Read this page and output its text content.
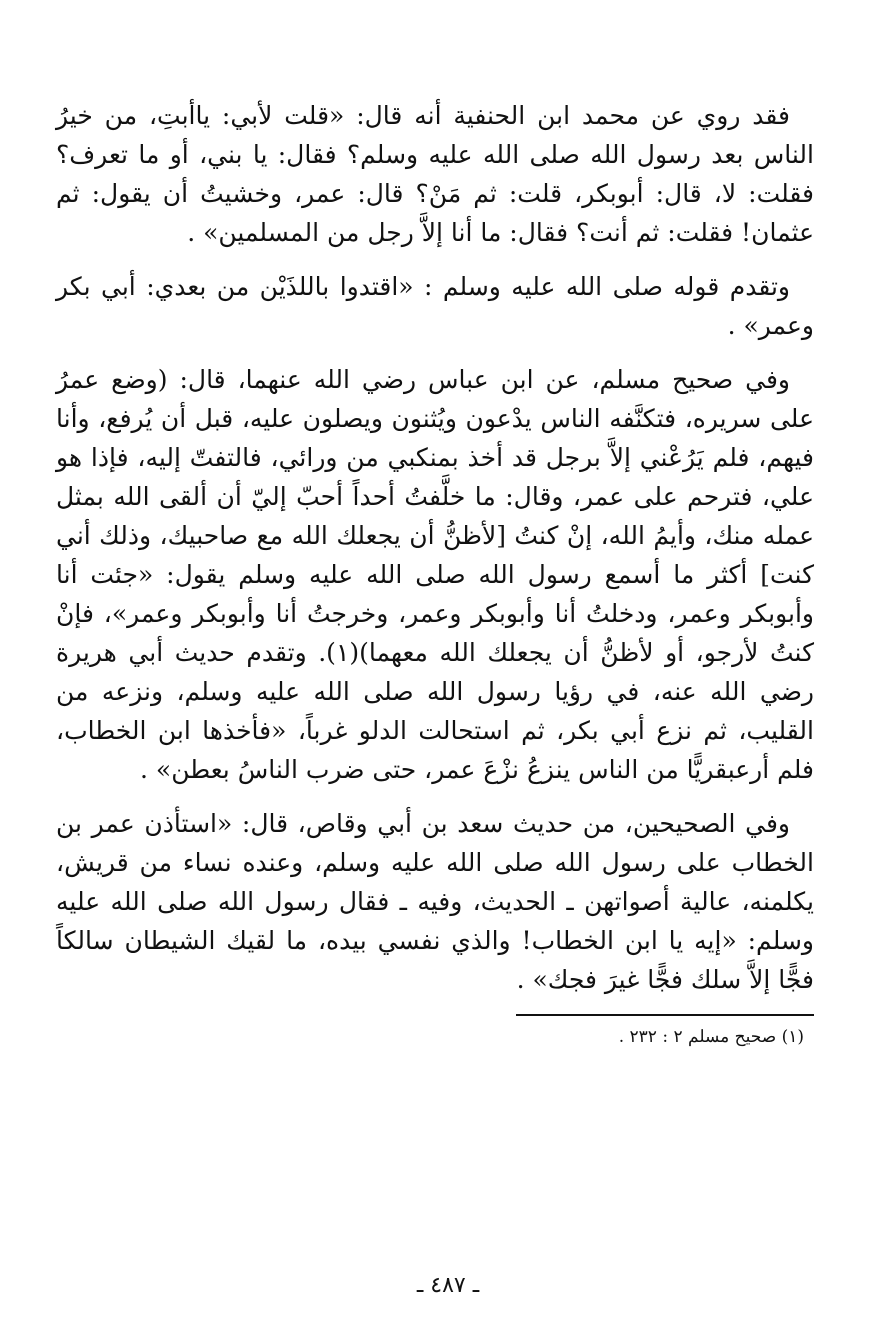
فقد روي عن محمد ابن الحنفية أنه قال: «قلت لأبي: ياأبتِ، من خيرُ الناس بعد رسول الله صلى الله عليه وسلم؟ فقال: يا بني، أو ما تعرف؟ فقلت: لا، قال: أبوبكر، قلت: ثم مَنْ؟ قال: عمر، وخشيتُ أن يقول: ثم عثمان! فقلت: ثم أنت؟ فقال: ما أنا إلاَّ رجل من المسلمين» .

وتقدم قوله صلى الله عليه وسلم : «اقتدوا باللذَيْن من بعدي: أبي بكر وعمر» .

وفي صحيح مسلم، عن ابن عباس رضي الله عنهما، قال: (وضع عمرُ على سريره، فتكنَّفه الناس يدْعون ويُثنون ويصلون عليه، قبل أن يُرفع، وأنا فيهم، فلم يَرُعْني إلاَّ برجل قد أخذ بمنكبي من ورائي، فالتفتّ إليه، فإذا هو علي، فترحم على عمر، وقال: ما خلَّفتُ أحداً أحبّ إليّ أن ألقى الله بمثل عمله منك، وأيمُ الله، إنْ كنتُ [لأظنُّ أن يجعلك الله مع صاحبيك، وذلك أني كنت] أكثر ما أسمع رسول الله صلى الله عليه وسلم يقول: «جئت أنا وأبوبكر وعمر، ودخلتُ أنا وأبوبكر وعمر، وخرجتُ أنا وأبوبكر وعمر»، فإنْ كنتُ لأرجو، أو لأظنُّ أن يجعلك الله معهما)(١). وتقدم حديث أبي هريرة رضي الله عنه، في رؤيا رسول الله صلى الله عليه وسلم، ونزعه من القليب، ثم نزع أبي بكر، ثم استحالت الدلو غرباً، «فأخذها ابن الخطاب، فلم أرعبقريًّا من الناس ينزعُ نزْعَ عمر، حتى ضرب الناسُ بعطن» .

وفي الصحيحين، من حديث سعد بن أبي وقاص، قال: «استأذن عمر بن الخطاب على رسول الله صلى الله عليه وسلم، وعنده نساء من قريش، يكلمنه، عالية أصواتهن ـ الحديث، وفيه ـ فقال رسول الله صلى الله عليه وسلم: «إيه يا ابن الخطاب! والذي نفسي بيده، ما لقيك الشيطان سالكاً فجًّا إلاَّ سلك فجًّا غيرَ فجك» .

(١) صحيح مسلم ٢ : ٢٣٢ .
ـ ٤٨٧ ـ
